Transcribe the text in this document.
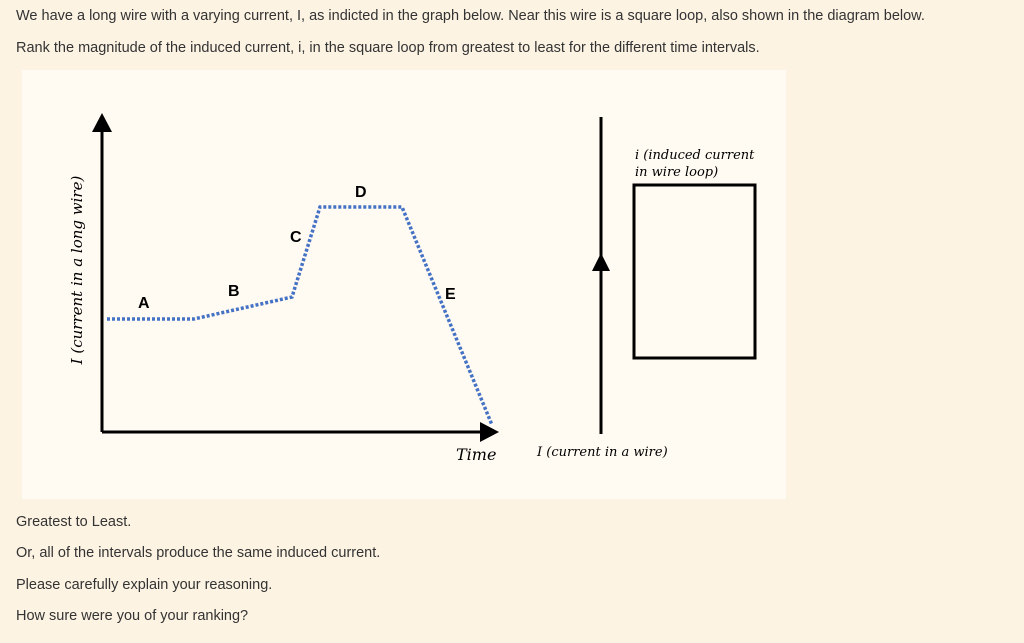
We have a long wire with a varying current, I, as indicted in the graph below. Near this wire is a square loop, also shown in the diagram below.

Rank the magnitude of the induced current, i, in the square loop from greatest to least for the different time intervals.

A
B
C
D
E
Time
I (current in a long wire)
I (current in a wire)
i (induced current
in wire loop)

Greatest to Least.

Or, all of the intervals produce the same induced current.

Please carefully explain your reasoning.

How sure were you of your ranking?
